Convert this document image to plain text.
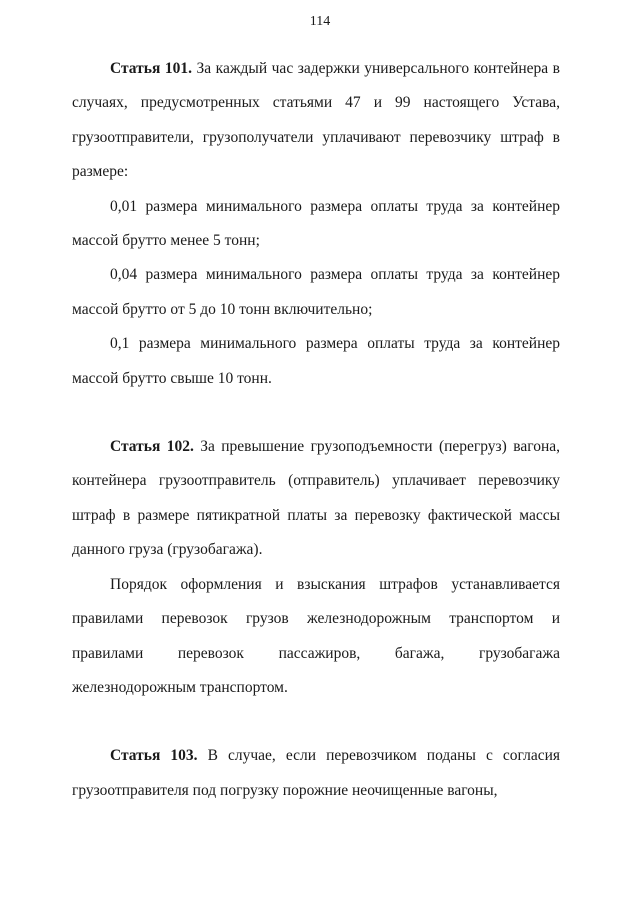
114

Статья 101. За каждый час задержки универсального контейнера в случаях, предусмотренных статьями 47 и 99 настоящего Устава, грузоотправители, грузополучатели уплачивают перевозчику штраф в размере:

0,01 размера минимального размера оплаты труда за контейнер массой брутто менее 5 тонн;

0,04 размера минимального размера оплаты труда за контейнер массой брутто от 5 до 10 тонн включительно;

0,1 размера минимального размера оплаты труда за контейнер массой брутто свыше 10 тонн.

Статья 102. За превышение грузоподъемности (перегруз) вагона, контейнера грузоотправитель (отправитель) уплачивает перевозчику штраф в размере пятикратной платы за перевозку фактической массы данного груза (грузобагажа).

Порядок оформления и взыскания штрафов устанавливается правилами перевозок грузов железнодорожным транспортом и правилами перевозок пассажиров, багажа, грузобагажа железнодорожным транспортом.

Статья 103. В случае, если перевозчиком поданы с согласия грузоотправителя под погрузку порожние неочищенные вагоны,
